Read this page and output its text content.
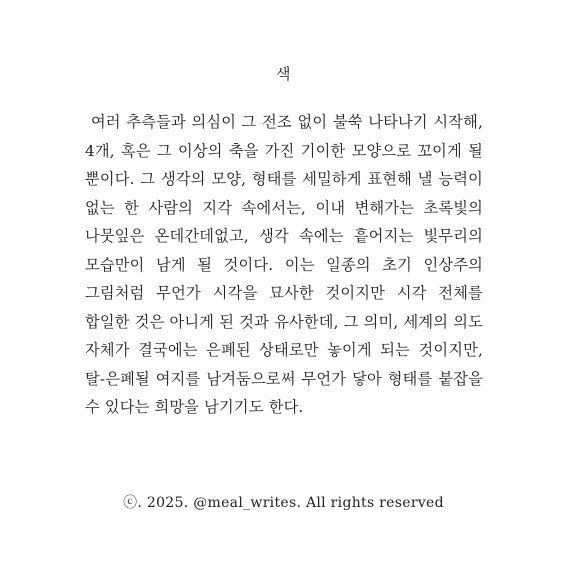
색
여러 추측들과 의심이 그 전조 없이 불쑥 나타나기 시작해, 4개, 혹은 그 이상의 축을 가진 기이한 모양으로 꼬이게 될 뿐이다. 그 생각의 모양, 형태를 세밀하게 표현해 낼 능력이 없는 한 사람의 지각 속에서는, 이내 변해가는 초록빛의 나뭇잎은 온데간데없고, 생각 속에는 흩어지는 빛무리의 모습만이 남게 될 것이다. 이는 일종의 초기 인상주의 그림처럼 무언가 시각을 묘사한 것이지만 시각 전체를 합일한 것은 아니게 된 것과 유사한데, 그 의미, 세계의 의도 자체가 결국에는 은폐된 상태로만 놓이게 되는 것이지만, 탈-은폐될 여지를 남겨둠으로써 무언가 닿아 형태를 붙잡을 수 있다는 희망을 남기기도 한다.
ⓒ. 2025. @meal_writes. All rights reserved
